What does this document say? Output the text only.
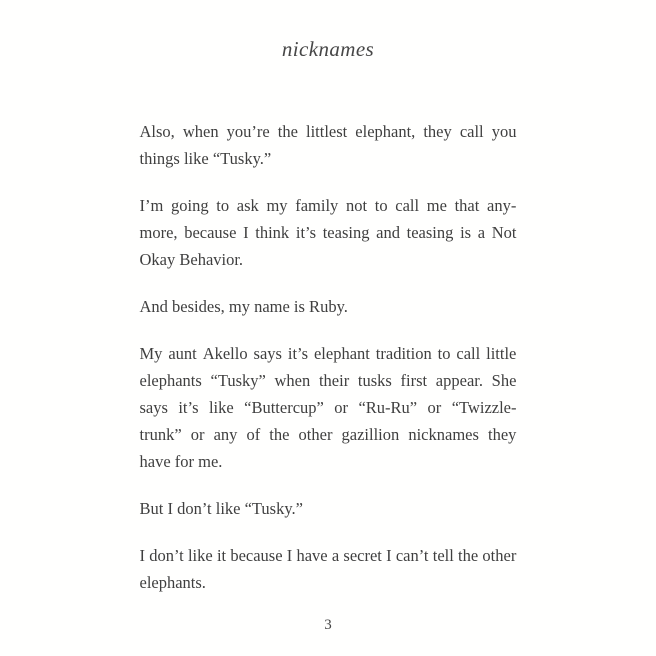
nicknames

Also, when you’re the littlest elephant, they call you
things like “Tusky.”

I’m going to ask my family not to call me that any-
more, because I think it’s teasing and teasing is a Not
Okay Behavior.

And besides, my name is Ruby.

My aunt Akello says it’s elephant tradition to call little
elephants “Tusky” when their tusks first appear. She
says it’s like “Buttercup” or “Ru-Ru” or “Twizzle-
trunk” or any of the other gazillion nicknames they
have for me.

But I don’t like “Tusky.”

I don’t like it because I have a secret I can’t tell the other
elephants.

3
